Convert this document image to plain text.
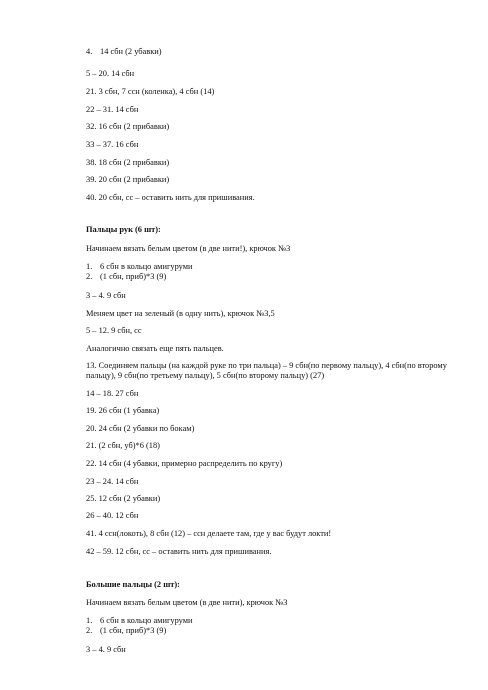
4. 14 сбн (2 убавки)
5 – 20. 14 сбн
21. 3 сбн, 7 ссн (коленка), 4 сбн (14)
22 – 31. 14 сбн
32. 16 сбн (2 прибавки)
33 – 37. 16 сбн
38. 18 сбн (2 прибавки)
39. 20 сбн (2 прибавки)
40. 20 сбн, сс – оставить нить для пришивания.
Пальцы рук (6 шт):
Начинаем вязать белым цветом (в две нити!), крючок №3
1. 6 сбн в кольцо амигуруми
2. (1 сбн, приб)*3 (9)
3 – 4. 9 сбн
Меняем цвет на зеленый (в одну нить), крючок №3,5
5 – 12. 9 сбн, сс
Аналогично связать еще пять пальцев.
13. Соединяем пальцы (на каждой руке по три пальца) – 9 сбн(по первому пальцу), 4 сбн(по второму пальцу), 9 сбн(по третьему пальцу), 5 сбн(по второму пальцу) (27)
14 – 18. 27 сбн
19. 26 сбн (1 убавка)
20. 24 сбн (2 убавки по бокам)
21. (2 сбн, уб)*6 (18)
22. 14 сбн (4 убавки, примерно распределить по кругу)
23 – 24. 14 сбн
25. 12 сбн (2 убавки)
26 – 40. 12 сбн
41. 4 ссн(локоть), 8 сбн (12) – ссн делаете там, где у вас будут локти!
42 – 59. 12 сбн, сс – оставить нить для пришивания.
Большие пальцы (2 шт):
Начинаем вязать белым цветом (в две нити), крючок №3
1. 6 сбн в кольцо амигуруми
2. (1 сбн, приб)*3 (9)
3 – 4. 9 сбн
